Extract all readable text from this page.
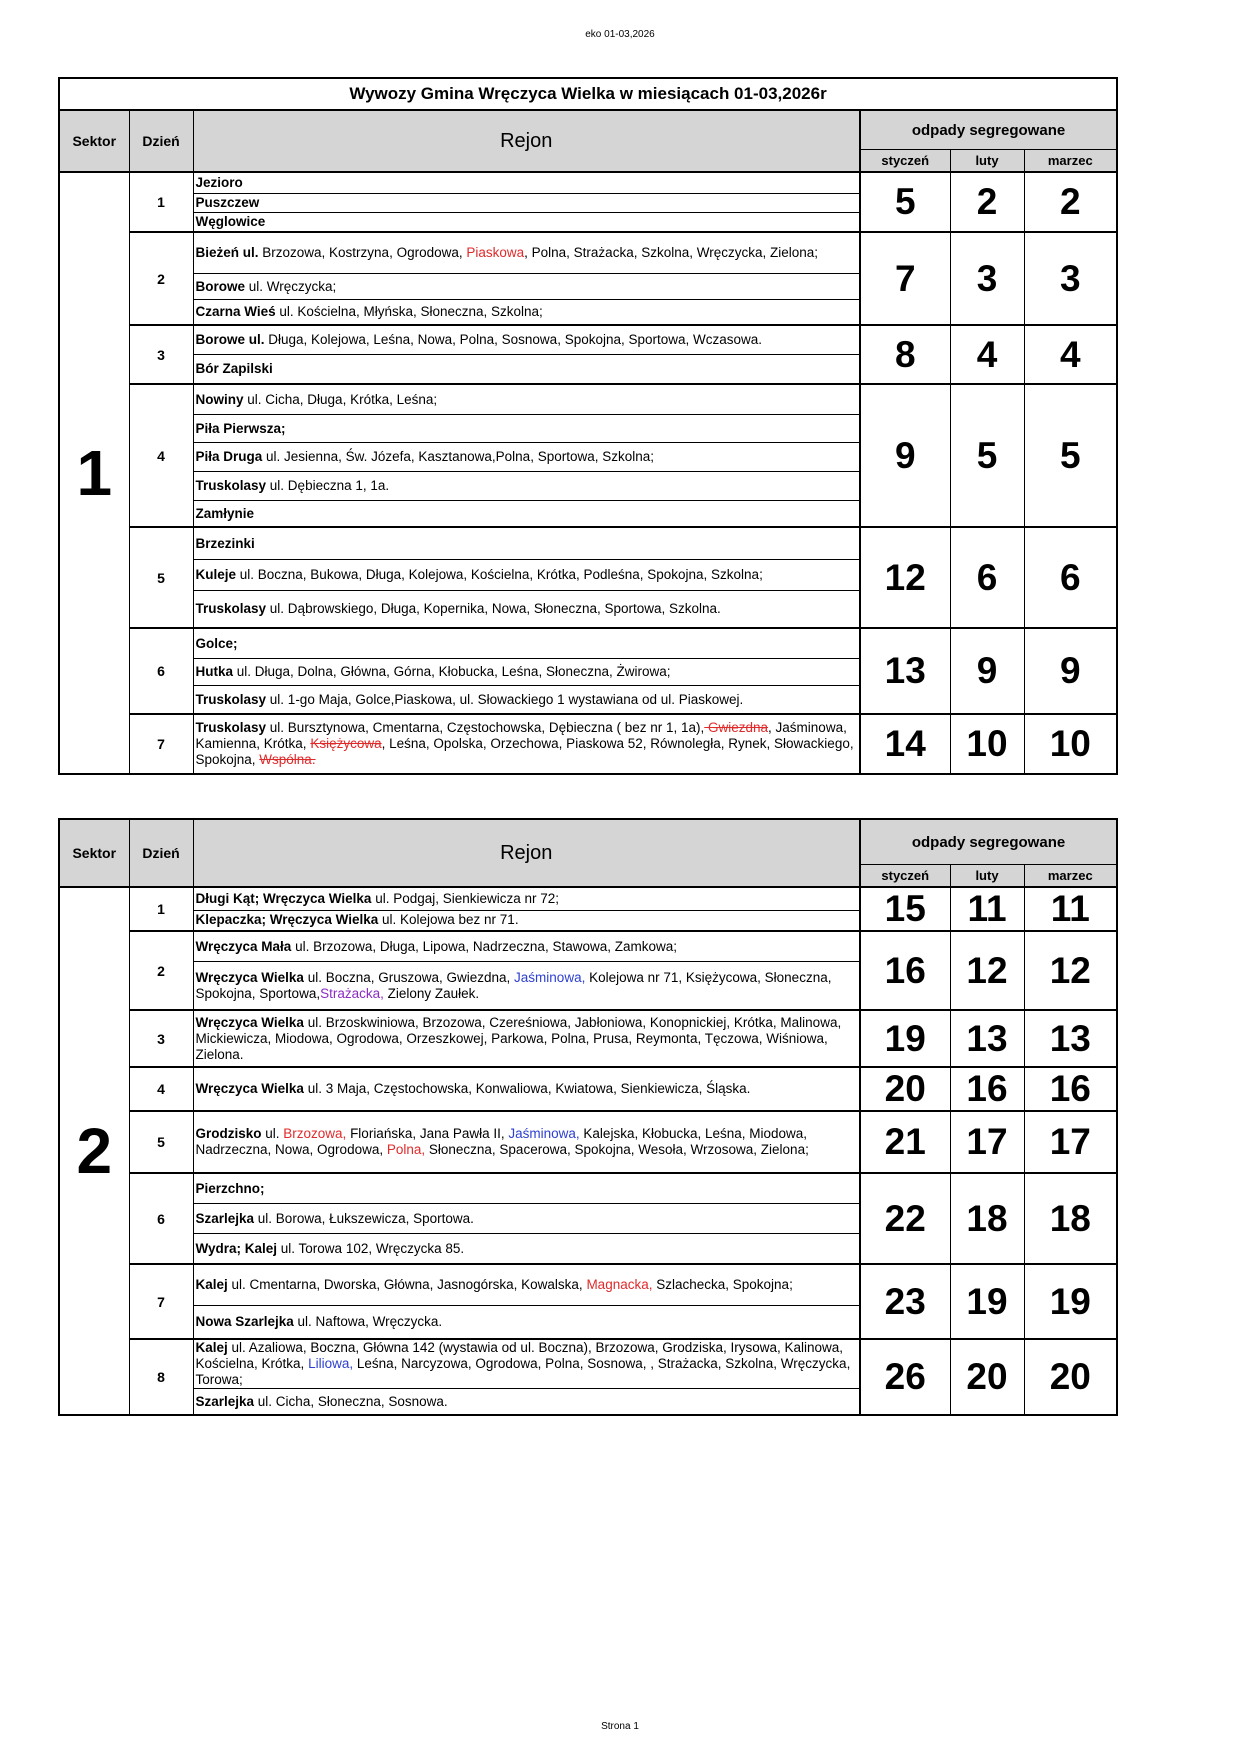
eko 01-03,2026
Wywozy Gmina Wręczyca Wielka w miesiącach 01-03,2026r					
Sektor	Dzień	Rejon	odpady segregowane		
			styczeń	luty	marzec
1	1	Jezioro	5	2	2
		Puszczew			
		Węglowice			
	2	Bieżeń ul. Brzozowa, Kostrzyna, Ogrodowa, Piaskowa, Polna, Strażacka, Szkolna, Wręczycka, Zielona;	7	3	3
		Borowe ul. Wręczycka;			
		Czarna Wieś ul. Kościelna, Młyńska, Słoneczna, Szkolna;			
	3	Borowe ul. Długa, Kolejowa, Leśna, Nowa, Polna, Sosnowa, Spokojna, Sportowa, Wczasowa.	8	4	4
		Bór Zapilski			
	4	Nowiny ul. Cicha, Długa, Krótka, Leśna;	9	5	5
		Piła Pierwsza;			
		Piła Druga ul. Jesienna, Św. Józefa, Kasztanowa,Polna, Sportowa, Szkolna;			
		Truskolasy ul. Dębieczna 1, 1a.			
		Zamłynie			
	5	Brzezinki	12	6	6
		Kuleje ul. Boczna, Bukowa, Długa, Kolejowa, Kościelna, Krótka, Podleśna, Spokojna, Szkolna;			
		Truskolasy ul. Dąbrowskiego, Długa, Kopernika, Nowa, Słoneczna, Sportowa, Szkolna.			
	6	Golce;	13	9	9
		Hutka ul. Długa, Dolna, Główna, Górna, Kłobucka, Leśna, Słoneczna, Żwirowa;			
		Truskolasy ul. 1-go Maja, Golce,Piaskowa, ul. Słowackiego 1 wystawiana od ul. Piaskowej.			
	7	Truskolasy ul. Bursztynowa, Cmentarna, Częstochowska, Dębieczna ( bez nr 1, 1a), Gwiezdna, Jaśminowa, Kamienna, Krótka, Księżycowa, Leśna, Opolska, Orzechowa, Piaskowa 52, Równoległa, Rynek, Słowackiego, Spokojna, Wspólna.	14	10	10
Sektor	Dzień	Rejon	odpady segregowane		
			styczeń	luty	marzec
2	1	Długi Kąt; Wręczyca Wielka ul. Podgaj, Sienkiewicza nr 72;	15	11	11
		Klepaczka; Wręczyca Wielka ul. Kolejowa bez nr 71.			
	2	Wręczyca Mała ul. Brzozowa, Długa, Lipowa, Nadrzeczna, Stawowa, Zamkowa;	16	12	12
		Wręczyca Wielka ul. Boczna, Gruszowa, Gwiezdna, Jaśminowa, Kolejowa nr 71, Księżycowa, Słoneczna, Spokojna, Sportowa,Strażacka, Zielony Zaułek.			
	3	Wręczyca Wielka ul. Brzoskwiniowa, Brzozowa, Czereśniowa, Jabłoniowa, Konopnickiej, Krótka, Malinowa, Mickiewicza, Miodowa, Ogrodowa, Orzeszkowej, Parkowa, Polna, Prusa, Reymonta, Tęczowa, Wiśniowa, Zielona.	19	13	13
	4	Wręczyca Wielka ul. 3 Maja, Częstochowska, Konwaliowa, Kwiatowa, Sienkiewicza, Śląska.	20	16	16
	5	Grodzisko ul. Brzozowa, Floriańska, Jana Pawła II, Jaśminowa, Kalejska, Kłobucka, Leśna, Miodowa, Nadrzeczna, Nowa, Ogrodowa, Polna, Słoneczna, Spacerowa, Spokojna, Wesoła, Wrzosowa, Zielona;	21	17	17
	6	Pierzchno;	22	18	18
		Szarlejka ul. Borowa, Łukszewicza, Sportowa.			
		Wydra; Kalej ul. Torowa 102, Wręczycka 85.			
	7	Kalej ul. Cmentarna, Dworska, Główna, Jasnogórska, Kowalska, Magnacka, Szlachecka, Spokojna;	23	19	19
		Nowa Szarlejka ul. Naftowa, Wręczycka.			
	8	Kalej ul. Azaliowa, Boczna, Główna 142 (wystawia od ul. Boczna), Brzozowa, Grodziska, Irysowa, Kalinowa, Kościelna, Krótka, Liliowa, Leśna, Narcyzowa, Ogrodowa, Polna, Sosnowa, , Strażacka, Szkolna, Wręczycka, Torowa;	26	20	20
		Szarlejka ul. Cicha, Słoneczna, Sosnowa.			
Strona 1
